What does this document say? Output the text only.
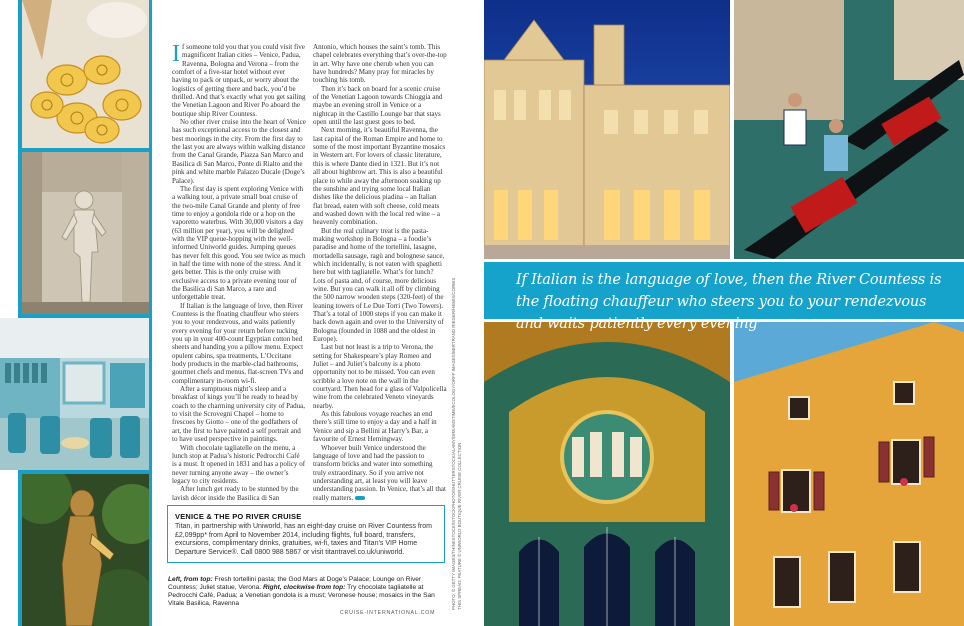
If someone told you that you could visit five magnificent Italian cities – Venice, Padua, Ravenna, Bologna and Verona – from the comfort of a five-star hotel without ever having to pack or unpack, or worry about the logistics of getting there and back, you’d be thrilled. And that’s exactly what you get sailing the Venetian Lagoon and River Po aboard the boutique ship River Countess.

No other river cruise into the heart of Venice has such exceptional access to the closest and best moorings in the city. From the first day to the last you are always within walking distance from the Canal Grande, Piazza San Marco and Basilica di San Marco, Ponte di Rialto and the pink and white marble Palazzo Ducale (Doge’s Palace).

The first day is spent exploring Venice with a walking tour, a private small boat cruise of the two-mile Canal Grande and plenty of free time to enjoy a gondola ride or a hop on the vaporetto waterbus. With 30,000 visitors a day (63 million per year), you will be delighted with the VIP queue-hopping with the well-informed Uniworld guides. Jumping queues has never felt this good. You see twice as much in half the time with none of the stress. And it gets better. This is the only cruise with exclusive access to a private evening tour of the Basilica di San Marco, a rare and unforgettable treat.

If Italian is the language of love, then River Countess is the floating chauffeur who steers you to your rendezvous, and waits patiently every evening for your return before tucking you up in your 400-count Egyptian cotton bed sheets and handing you a pillow menu. Expect opulent cabins, spa treatments, L’Occitane body products in the marble-clad bathrooms, gourmet chefs and menus, flat-screen TVs and complimentary in-room wi-fi.

After a sumptuous night’s sleep and a breakfast of kings you’ll be ready to head by coach to the charming university city of Padua, to visit the Scrovegni Chapel – home to frescoes by Giotto – one of the godfathers of art, the first to have painted a self portrait and to have used perspective in paintings.

With chocolate tagliatelle on the menu, a lunch stop at Padua’s historic Pedrocchi Café is a must. It opened in 1831 and has a policy of never turning anyone away – the owner’s legacy to city residents.

After lunch get ready to be stunned by the lavish décor inside the Basilica di San

Antonio, which houses the saint’s tomb. This chapel celebrates everything that’s over-the-top in art. Why have one cherub when you can have hundreds? Many pray for miracles by touching his tomb.

Then it’s back on board for a scenic cruise of the Venetian Lagoon towards Chioggia and maybe an evening stroll in Venice or a nightcap in the Castillo Lounge bar that stays open until the last guest goes to bed.

Next morning, it’s beautiful Ravenna, the last capital of the Roman Empire and home to some of the most important Byzantine mosaics in Western art. For lovers of classic literature, this is where Dante died in 1321. But it’s not all about highbrow art. This is also a beautiful place to while away the afternoon soaking up the sunshine and trying some local Italian dishes like the delicious piadina – an Italian flat bread, eaten with soft cheese, cold meats and washed down with the local red wine – a heavenly combination.

But the real culinary treat is the pasta-making workshop in Bologna – a foodie’s paradise and home of the tortellini, lasagne, mortadella sausage, ragù and bolognese sauce, which incidentally, is not eaten with spaghetti here but with tagliatelle. What’s for lunch? Lots of pasta and, of course, more delicious wine. But you can walk it all off by climbing the 500 narrow wooden steps (320-feet) of the leaning towers of Le Due Torri (Two Towers). That’s a total of 1000 steps if you can make it back down again and over to the University of Bologna (founded in 1088 and the oldest in Europe).

Last but not least is a trip to Verona, the setting for Shakespeare’s play Romeo and Juliet – and Juliet’s balcony is a photo opportunity not to be missed. You can even scribble a love note on the wall in the courtyard. Then head for a glass of Valpolicella wine from the celebrated Veneto vineyards nearby.

As this fabulous voyage reaches an end there’s still time to enjoy a day and a half in Venice and sip a Bellini at Harry’s Bar, a favourite of Ernest Hemingway.

Whoever built Venice understood the language of love and had the passion to transform bricks and water into something truly extraordinary. So if you arrive not understanding art, at least you will leave understanding passion. In Venice, that’s all that really matters.

VENICE & THE PO RIVER CRUISE
Titan, in partnership with Uniworld, has an eight-day cruise on River Countess from £2,099pp* from April to November 2014, including flights, full board, transfers, excursions, complimentary drinks, gratuities, wi-fi, taxes and Titan’s VIP Home Departure Service®. Call 0800 988 5867 or visit titantravel.co.uk/uniworld.
Left, from top: Fresh tortellini pasta; the God Mars at Doge’s Palace; Lounge on River Countess; Juliet statue, Verona. Right, clockwise from top: Try chocolate tagliatelle at Pedrocchi Café, Padua; a Venetian gondola is a must; Veronese house; mosaics in the San Vitale Basilica, Ravenna
CRUISE-INTERNATIONAL.COM
PHOTO: © GETTY IMAGES/THINKSTOCK/ISTOCKPHOTO/SHUTTERSTOCK/ALAMY/DREAMSTIME/ECOLOGY/ORFF IMAGES/BERTRAND RIEGER/HEMIS/CORBIS THIS SPREAD: FEATURE © UNIWORLD BOUTIQUE RIVER CRUISE COLLECTION
If Italian is the language of love, then the River Countess is the floating chauffeur who steers you to your rendezvous and waits patiently every evening
